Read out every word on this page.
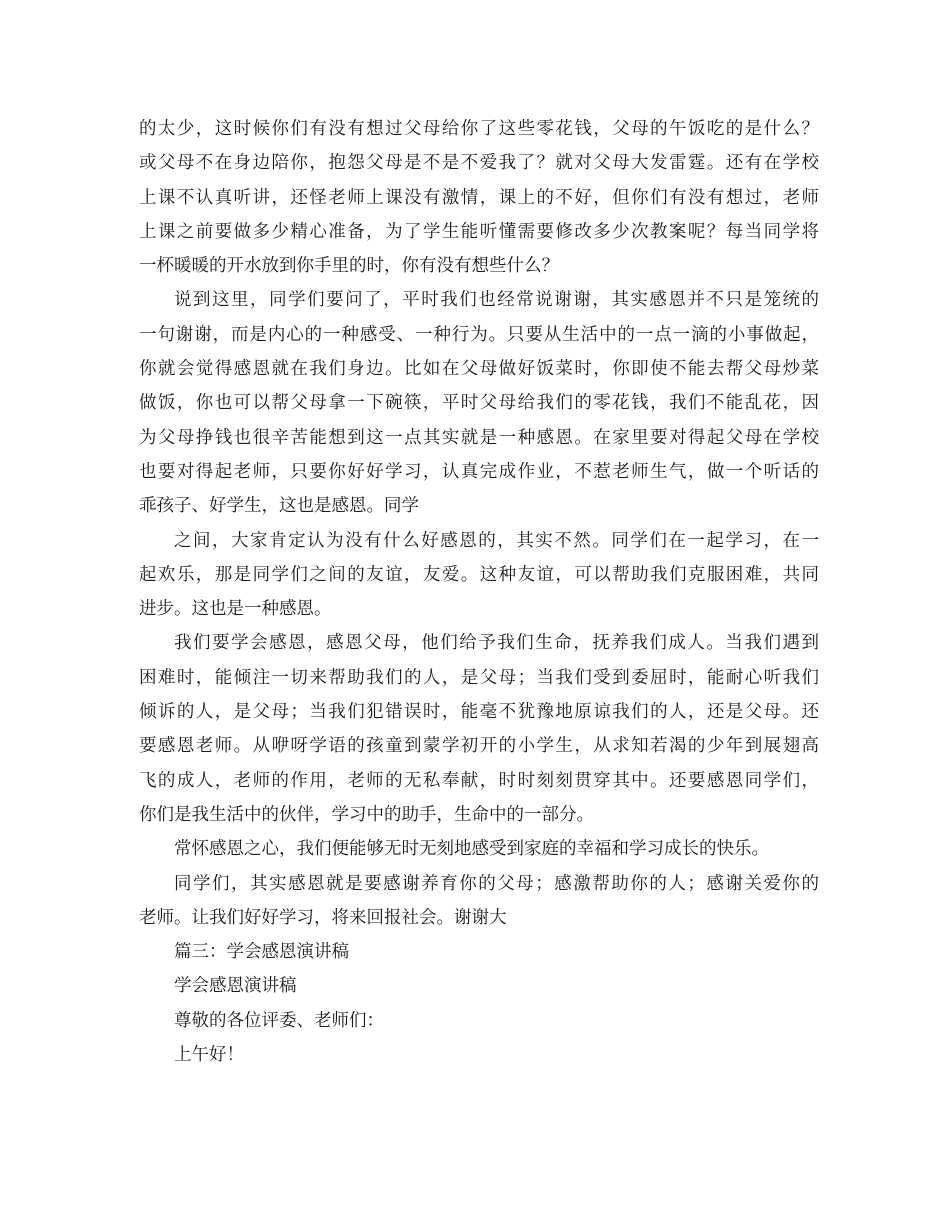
的太少，这时候你们有没有想过父母给你了这些零花钱，父母的午饭吃的是什么？
或父母不在身边陪你，抱怨父母是不是不爱我了？就对父母大发雷霆。还有在学校
上课不认真听讲，还怪老师上课没有激情，课上的不好，但你们有没有想过，老师
上课之前要做多少精心准备，为了学生能听懂需要修改多少次教案呢？每当同学将
一杯暖暖的开水放到你手里的时，你有没有想些什么？
说到这里，同学们要问了，平时我们也经常说谢谢，其实感恩并不只是笼统的
一句谢谢，而是内心的一种感受、一种行为。只要从生活中的一点一滴的小事做起，
你就会觉得感恩就在我们身边。比如在父母做好饭菜时，你即使不能去帮父母炒菜
做饭，你也可以帮父母拿一下碗筷，平时父母给我们的零花钱，我们不能乱花，因
为父母挣钱也很辛苦能想到这一点其实就是一种感恩。在家里要对得起父母在学校
也要对得起老师，只要你好好学习，认真完成作业，不惹老师生气，做一个听话的
乖孩子、好学生，这也是感恩。同学
之间，大家肯定认为没有什么好感恩的，其实不然。同学们在一起学习，在一
起欢乐，那是同学们之间的友谊，友爱。这种友谊，可以帮助我们克服困难，共同
进步。这也是一种感恩。
我们要学会感恩，感恩父母，他们给予我们生命，抚养我们成人。当我们遇到
困难时，能倾注一切来帮助我们的人，是父母；当我们受到委屈时，能耐心听我们
倾诉的人，是父母；当我们犯错误时，能毫不犹豫地原谅我们的人，还是父母。还
要感恩老师。从咿呀学语的孩童到蒙学初开的小学生，从求知若渴的少年到展翅高
飞的成人，老师的作用，老师的无私奉献，时时刻刻贯穿其中。还要感恩同学们，
你们是我生活中的伙伴，学习中的助手，生命中的一部分。
常怀感恩之心，我们便能够无时无刻地感受到家庭的幸福和学习成长的快乐。
同学们，其实感恩就是要感谢养育你的父母；感激帮助你的人；感谢关爱你的
老师。让我们好好学习，将来回报社会。谢谢大
篇三：学会感恩演讲稿
学会感恩演讲稿
尊敬的各位评委、老师们：
上午好！
